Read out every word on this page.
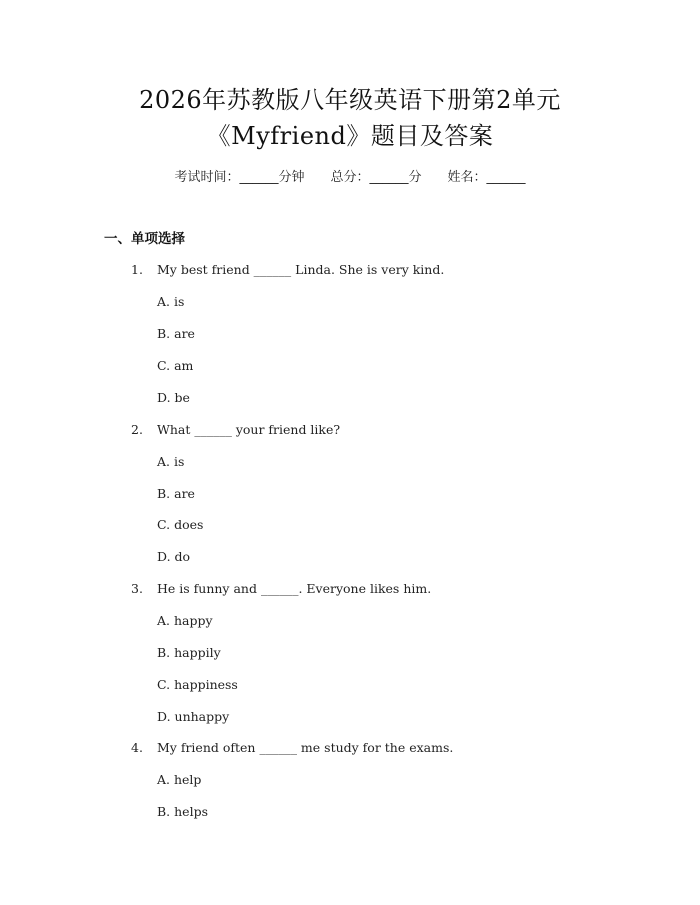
2026年苏教版八年级英语下册第2单元
《Myfriend》题目及答案
考试时间：______分钟 总分：______分 姓名：______
一、单项选择
1. My best friend ______ Linda. She is very kind.
A. is
B. are
C. am
D. be
2. What ______ your friend like?
A. is
B. are
C. does
D. do
3. He is funny and ______. Everyone likes him.
A. happy
B. happily
C. happiness
D. unhappy
4. My friend often ______ me study for the exams.
A. help
B. helps
